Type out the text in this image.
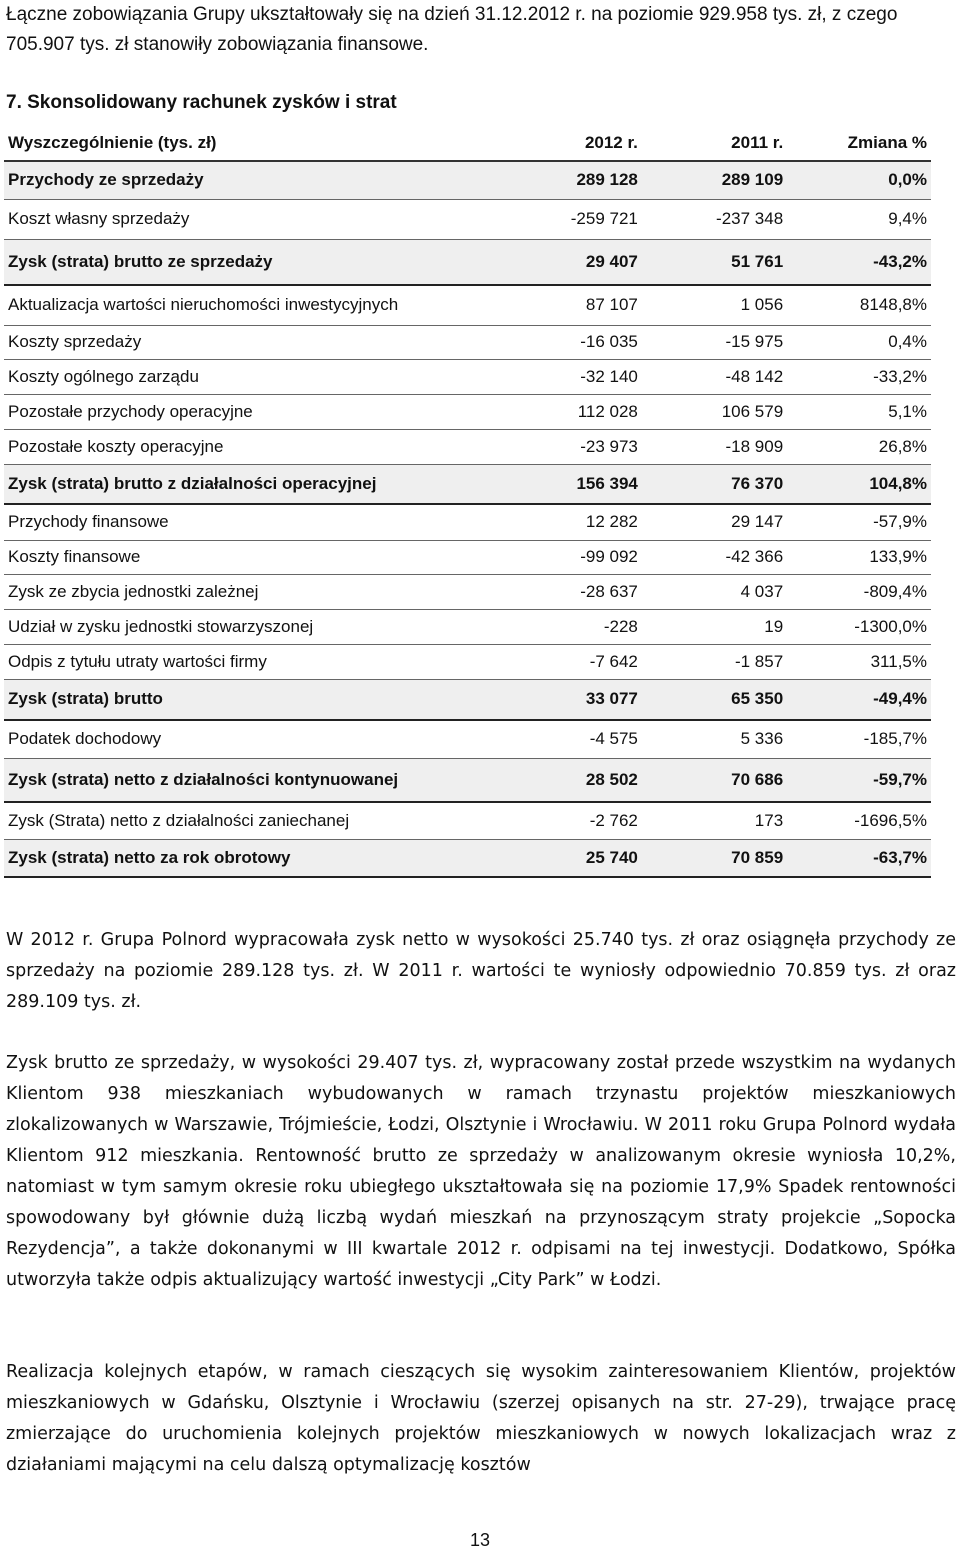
Łączne zobowiązania Grupy ukształtowały się na dzień 31.12.2012 r. na poziomie 929.958 tys. zł, z czego 705.907 tys. zł stanowiły zobowiązania finansowe.
7. Skonsolidowany rachunek zysków i strat
Wyszczególnienie (tys. zł)	2012 r.	2011 r.	Zmiana %
Przychody ze sprzedaży	289 128	289 109	0,0%
Koszt własny sprzedaży	-259 721	-237 348	9,4%
Zysk (strata) brutto ze sprzedaży	29 407	51 761	-43,2%
Aktualizacja wartości nieruchomości inwestycyjnych	87 107	1 056	8148,8%
Koszty sprzedaży	-16 035	-15 975	0,4%
Koszty ogólnego zarządu	-32 140	-48 142	-33,2%
Pozostałe przychody operacyjne	112 028	106 579	5,1%
Pozostałe koszty operacyjne	-23 973	-18 909	26,8%
Zysk (strata) brutto z działalności operacyjnej	156 394	76 370	104,8%
Przychody finansowe	12 282	29 147	-57,9%
Koszty finansowe	-99 092	-42 366	133,9%
Zysk ze zbycia jednostki zależnej	-28 637	4 037	-809,4%
Udział w zysku jednostki stowarzyszonej	-228	19	-1300,0%
Odpis z tytułu utraty wartości firmy	-7 642	-1 857	311,5%
Zysk (strata) brutto	33 077	65 350	-49,4%
Podatek dochodowy	-4 575	5 336	-185,7%
Zysk (strata) netto z działalności kontynuowanej	28 502	70 686	-59,7%
Zysk (Strata) netto z działalności zaniechanej	-2 762	173	-1696,5%
Zysk (strata) netto za rok obrotowy	25 740	70 859	-63,7%

W 2012 r. Grupa Polnord wypracowała zysk netto w wysokości 25.740 tys. zł oraz osiągnęła przychody ze sprzedaży na poziomie 289.128 tys. zł. W 2011 r. wartości te wyniosły odpowiednio 70.859 tys. zł oraz 289.109 tys. zł.

Zysk brutto ze sprzedaży, w wysokości 29.407 tys. zł, wypracowany został przede wszystkim na wydanych Klientom 938 mieszkaniach wybudowanych w ramach trzynastu projektów mieszkaniowych zlokalizowanych w Warszawie, Trójmieście, Łodzi, Olsztynie i Wrocławiu. W 2011 roku Grupa Polnord wydała Klientom 912 mieszkania. Rentowność brutto ze sprzedaży w analizowanym okresie wyniosła 10,2%, natomiast w tym samym okresie roku ubiegłego ukształtowała się na poziomie 17,9% Spadek rentowności spowodowany był głównie dużą liczbą wydań mieszkań na przynoszącym straty projekcie „Sopocka Rezydencja”, a także dokonanymi w III kwartale 2012 r. odpisami na tej inwestycji. Dodatkowo, Spółka utworzyła także odpis aktualizujący wartość inwestycji „City Park” w Łodzi.

Realizacja kolejnych etapów, w ramach cieszących się wysokim zainteresowaniem Klientów, projektów mieszkaniowych w Gdańsku, Olsztynie i Wrocławiu (szerzej opisanych na str. 27-29), trwające pracę zmierzające do uruchomienia kolejnych projektów mieszkaniowych w nowych lokalizacjach wraz z działaniami mającymi na celu dalszą optymalizację kosztów

13
